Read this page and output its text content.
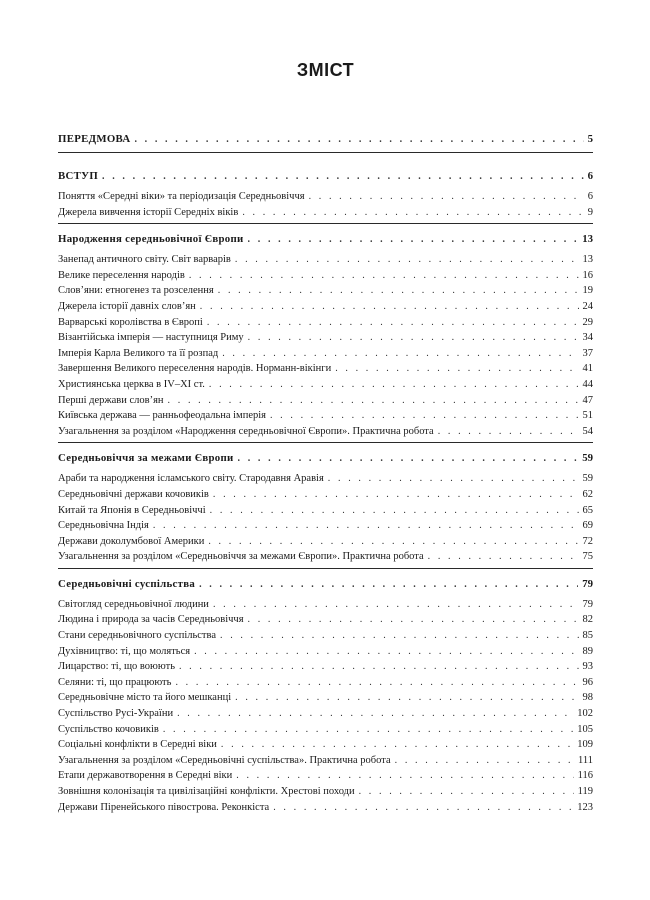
ЗМІСТ
ПЕРЕДМОВА . . .	5
ВСТУП . . .	6
Поняття «Середні віки» та періодизація Середньовіччя . . .	6
Джерела вивчення історії Середніх віків . . .	9
Народження середньовічної Європи . . .	13
Занепад античного світу. Світ варварів . . .	13
Велике переселення народів . . .	16
Слов’яни: етногенез та розселення . . .	19
Джерела історії давніх слов’ян . . .	24
Варварські королівства в Європі . . .	29
Візантійська імперія — наступниця Риму . . .	34
Імперія Карла Великого та її розпад . . .	37
Завершення Великого переселення народів. Норманн-вікінги . . .	41
Християнська церква в IV–XI ст. . . .	44
Перші держави слов’ян . . .	47
Київська держава — ранньофеодальна імперія . . .	51
Узагальнення за розділом «Народження середньовічної Європи». Практична робота . . .	54
Середньовіччя за межами Європи . . .	59
Араби та народження ісламського світу. Стародавня Аравія . . .	59
Середньовічні держави кочовиків . . .	62
Китай та Японія в Середньовіччі . . .	65
Середньовічна Індія . . .	69
Держави доколумбової Америки . . .	72
Узагальнення за розділом «Середньовіччя за межами Європи». Практична робота . . .	75
Середньовічні суспільства . . .	79
Світогляд середньовічної людини . . .	79
Людина і природа за часів Середньовіччя . . .	82
Стани середньовічного суспільства . . .	85
Духівництво: ті, що моляться . . .	89
Лицарство: ті, що воюють . . .	93
Селяни: ті, що працюють . . .	96
Середньовічне місто та його мешканці . . .	98
Суспільство Русі-України . . .	102
Суспільство кочовиків . . .	105
Соціальні конфлікти в Середні віки . . .	109
Узагальнення за розділом «Середньовічні суспільства». Практична робота . . .	111
Етапи державотворення в Середні віки . . .	116
Зовнішня колонізація та цивілізаційні конфлікти. Хрестові походи . . .	119
Держави Піренейського півострова. Реконкіста . . .	123
